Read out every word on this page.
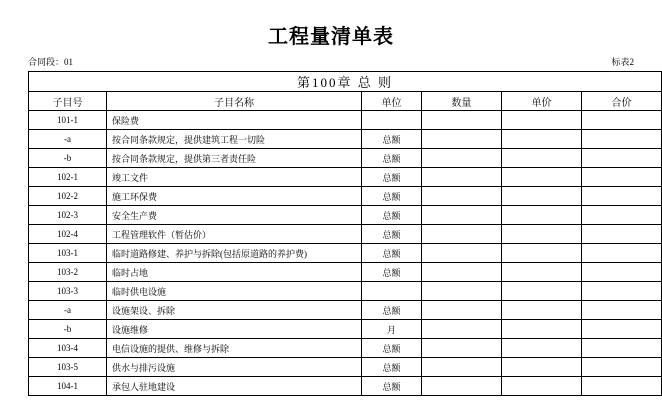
工程量清单表
合同段：01	标表2
第100章 总 则					
子目号	子目名称	单位	数量	单价	合价
101-1	保险费				
-a	按合同条款规定，提供建筑工程一切险	总额			
-b	按合同条款规定，提供第三者责任险	总额			
102-1	竣工文件	总额			
102-2	施工环保费	总额			
102-3	安全生产费	总额			
102-4	工程管理软件（暂估价）	总额			
103-1	临时道路修建、养护与拆除(包括原道路的养护费)	总额			
103-2	临时占地	总额			
103-3	临时供电设施				
-a	设施架设、拆除	总额			
-b	设施维修	月			
103-4	电信设施的提供、维修与拆除	总额			
103-5	供水与排污设施	总额			
104-1	承包人驻地建设	总额			
